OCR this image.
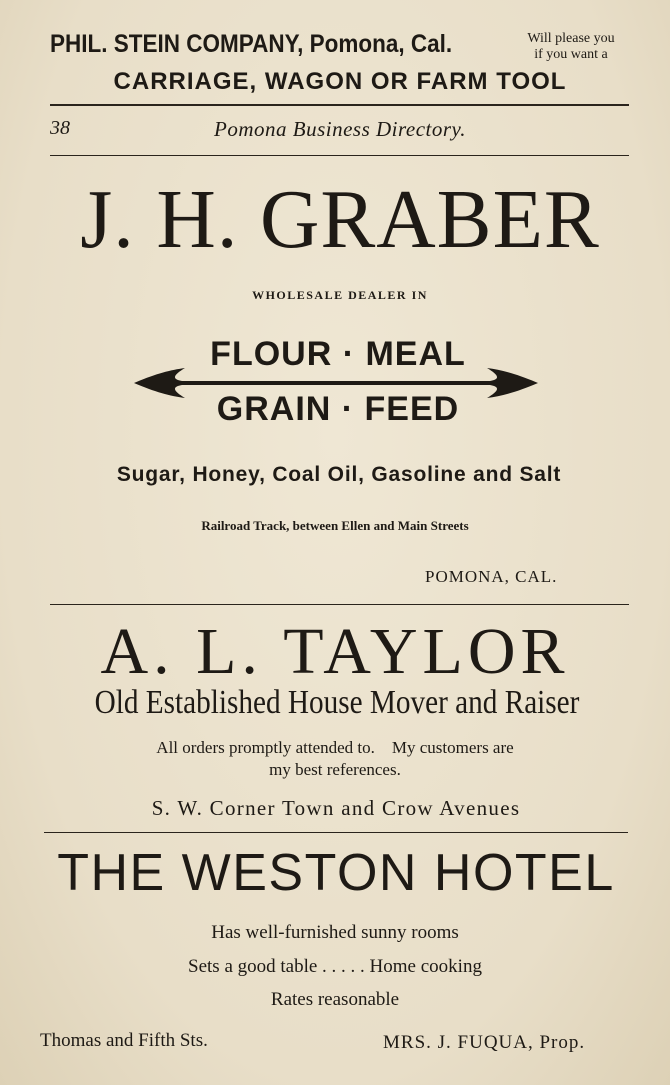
PHIL. STEIN COMPANY, Pomona, Cal.	Will please you
if you want a
CARRIAGE, WAGON OR FARM TOOL
38	Pomona Business Directory.
J. H. GRABER
WHOLESALE DEALER IN
FLOUR · MEAL
GRAIN · FEED
Sugar, Honey, Coal Oil, Gasoline and Salt
Railroad Track, between Ellen and Main Streets
POMONA, CAL.
A. L. TAYLOR
Old Established House Mover and Raiser
All orders promptly attended to.    My customers are
my best references.
S. W. Corner Town and Crow Avenues
THE WESTON HOTEL
Has well-furnished sunny rooms
Sets a good table . . . . . Home cooking
Rates reasonable
Thomas and Fifth Sts.	MRS. J. FUQUA, Prop.
